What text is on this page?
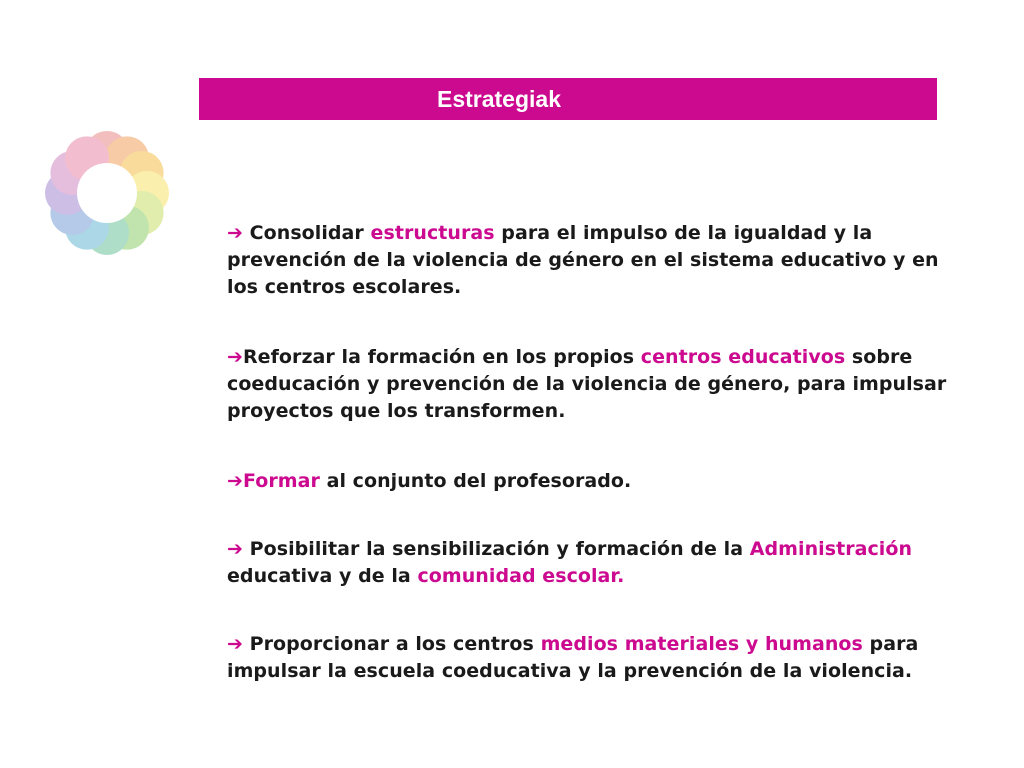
Estrategiak
➔ Consolidar estructuras para el impulso de la igualdad y la prevención de la violencia de género en el sistema educativo y en los centros escolares.
➔Reforzar la formación en los propios centros educativos sobre coeducación y prevención de la violencia de género, para impulsar proyectos que los transformen.
➔Formar al conjunto del profesorado.
➔ Posibilitar la sensibilización y formación de la Administración educativa y de la comunidad escolar.
➔ Proporcionar a los centros medios materiales y humanos para impulsar la escuela coeducativa y la prevención de la violencia.
